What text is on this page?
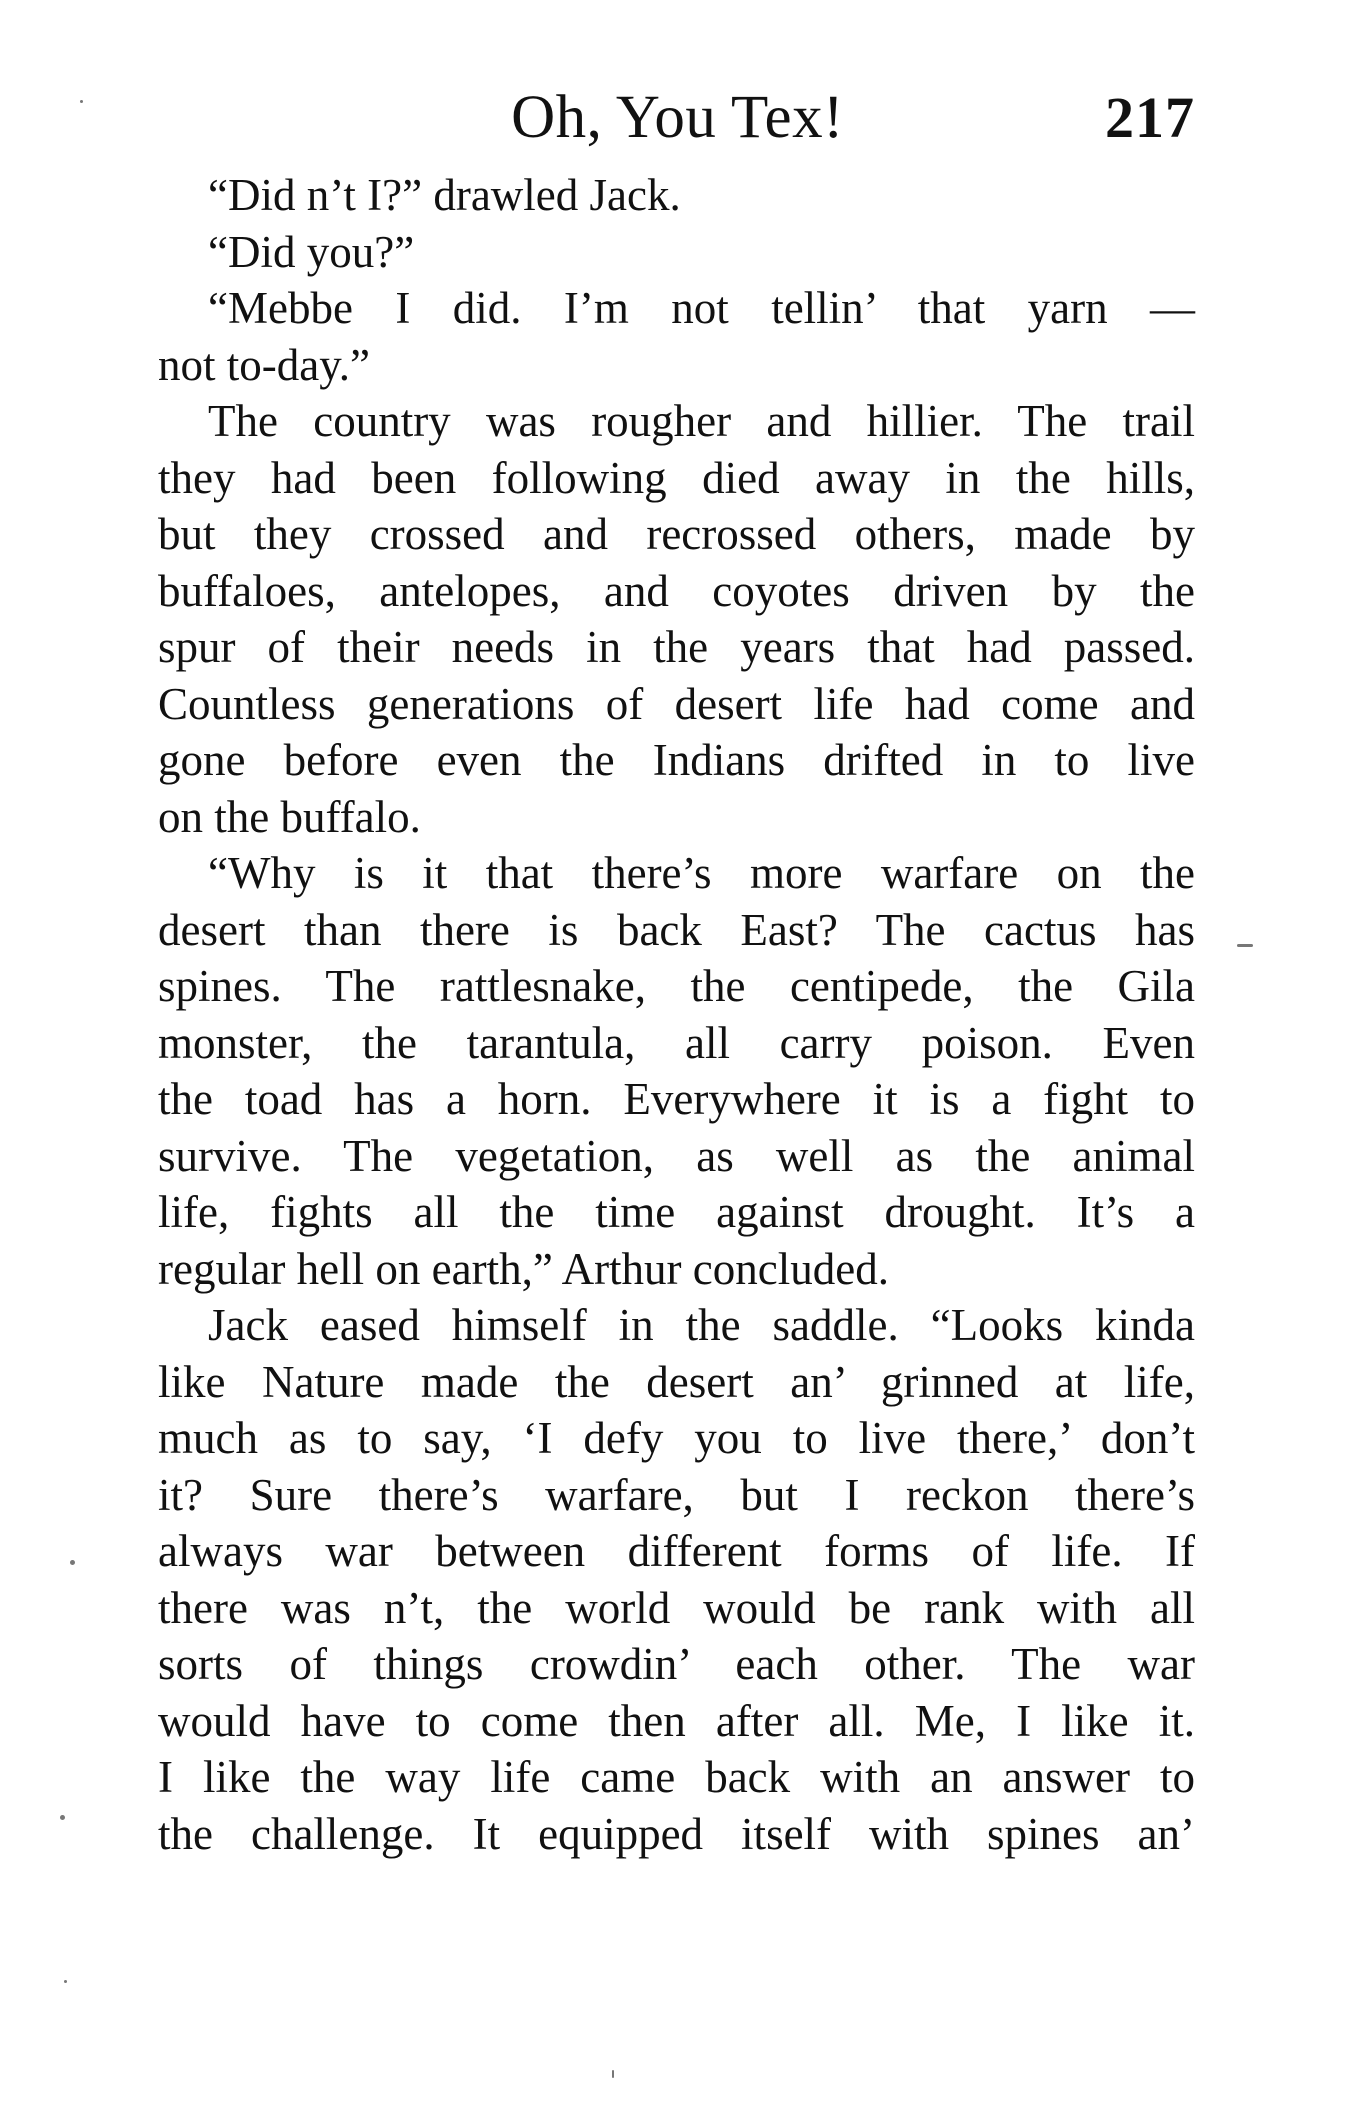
Oh, You Tex!	217
“Did n’t I?” drawled Jack.
“Did you?”
“Mebbe I did. I’m not tellin’ that yarn —
not to-day.”
The country was rougher and hillier. The trail
they had been following died away in the hills,
but they crossed and recrossed others, made by
buffaloes, antelopes, and coyotes driven by the
spur of their needs in the years that had passed.
Countless generations of desert life had come and
gone before even the Indians drifted in to live
on the buffalo.
“Why is it that there’s more warfare on the
desert than there is back East? The cactus has
spines. The rattlesnake, the centipede, the Gila
monster, the tarantula, all carry poison. Even
the toad has a horn. Everywhere it is a fight to
survive. The vegetation, as well as the animal
life, fights all the time against drought. It’s a
regular hell on earth,” Arthur concluded.
Jack eased himself in the saddle. “Looks kinda
like Nature made the desert an’ grinned at life,
much as to say, ‘I defy you to live there,’ don’t
it? Sure there’s warfare, but I reckon there’s
always war between different forms of life. If
there was n’t, the world would be rank with all
sorts of things crowdin’ each other. The war
would have to come then after all. Me, I like it.
I like the way life came back with an answer to
the challenge. It equipped itself with spines an’
